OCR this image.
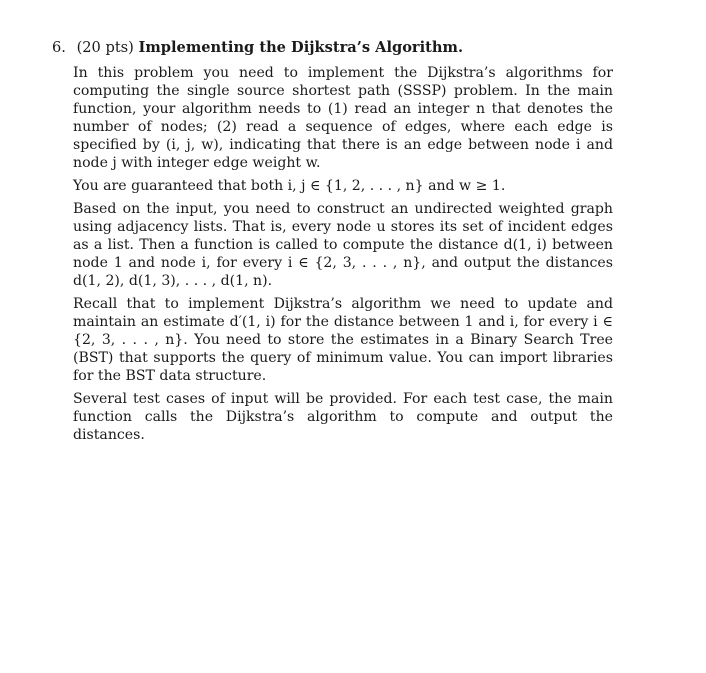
6. (20 pts) Implementing the Dijkstra’s Algorithm.

In this problem you need to implement the Dijkstra’s algorithms for computing the single source shortest path (SSSP) problem. In the main function, your algorithm needs to (1) read an integer n that denotes the number of nodes; (2) read a sequence of edges, where each edge is specified by (i, j, w), indicating that there is an edge between node i and node j with integer edge weight w.

You are guaranteed that both i, j ∈ {1, 2, . . . , n} and w ≥ 1.

Based on the input, you need to construct an undirected weighted graph using adjacency lists. That is, every node u stores its set of incident edges as a list. Then a function is called to compute the distance d(1, i) between node 1 and node i, for every i ∈ {2, 3, . . . , n}, and output the distances d(1, 2), d(1, 3), . . . , d(1, n).

Recall that to implement Dijkstra’s algorithm we need to update and maintain an estimate d′(1, i) for the distance between 1 and i, for every i ∈ {2, 3, . . . , n}. You need to store the estimates in a Binary Search Tree (BST) that supports the query of minimum value. You can import libraries for the BST data structure.

Several test cases of input will be provided. For each test case, the main function calls the Dijkstra’s algorithm to compute and output the distances.
